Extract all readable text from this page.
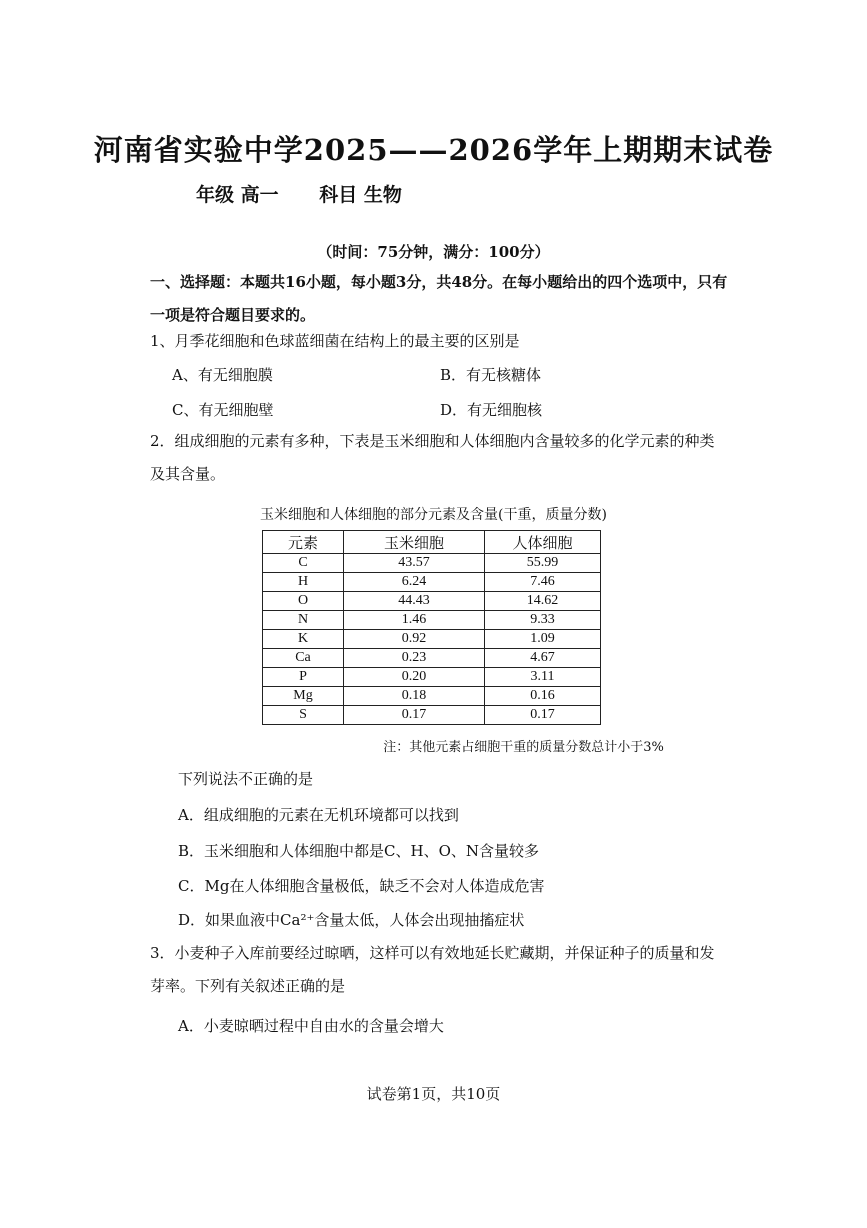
河南省实验中学2025——2026学年上期期末试卷
年级 高一 科目 生物
（时间：75分钟，满分：100分）
一、选择题：本题共16小题，每小题3分，共48分。在每小题给出的四个选项中，只有一项是符合题目要求的。
1、月季花细胞和色球蓝细菌在结构上的最主要的区别是
A、有无细胞膜	B．有无核糖体
C、有无细胞壁	D．有无细胞核
2．组成细胞的元素有多种，下表是玉米细胞和人体细胞内含量较多的化学元素的种类及其含量。
玉米细胞和人体细胞的部分元素及含量(干重，质量分数)
元素	玉米细胞	人体细胞
C	43.57	55.99
H	6.24	7.46
O	44.43	14.62
N	1.46	9.33
K	0.92	1.09
Ca	0.23	4.67
P	0.20	3.11
Mg	0.18	0.16
S	0.17	0.17
注：其他元素占细胞干重的质量分数总计小于3%
下列说法不正确的是
A．组成细胞的元素在无机环境都可以找到
B．玉米细胞和人体细胞中都是C、H、O、N含量较多
C．Mg在人体细胞含量极低，缺乏不会对人体造成危害
D．如果血液中Ca²⁺含量太低，人体会出现抽搐症状
3．小麦种子入库前要经过晾晒，这样可以有效地延长贮藏期，并保证种子的质量和发芽率。下列有关叙述正确的是
A．小麦晾晒过程中自由水的含量会增大
试卷第1页，共10页
